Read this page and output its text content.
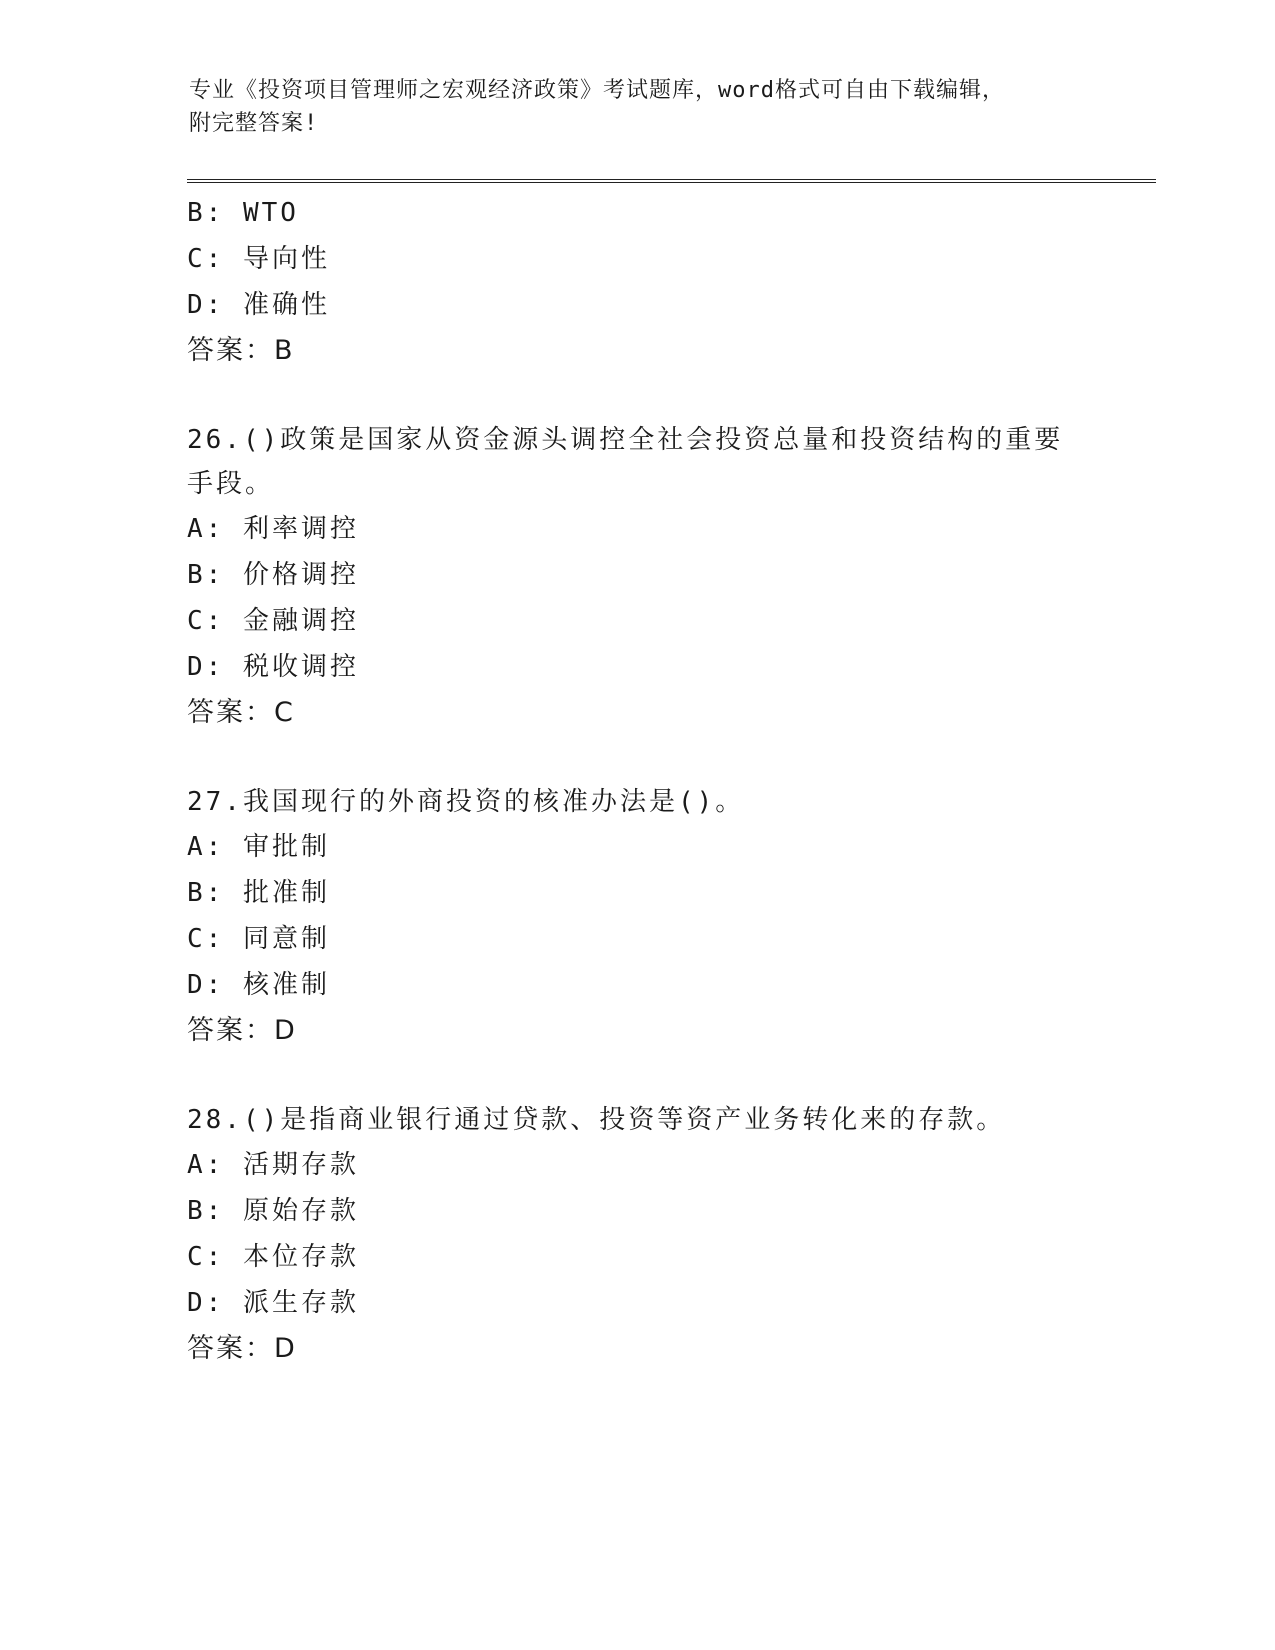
专业《投资项目管理师之宏观经济政策》考试题库，word格式可自由下载编辑，
附完整答案!
B: WTO
C: 导向性
D: 准确性
答案：B
26.()政策是国家从资金源头调控全社会投资总量和投资结构的重要手段。
A: 利率调控
B: 价格调控
C: 金融调控
D: 税收调控
答案：C
27.我国现行的外商投资的核准办法是()。
A: 审批制
B: 批准制
C: 同意制
D: 核准制
答案：D
28.()是指商业银行通过贷款、投资等资产业务转化来的存款。
A: 活期存款
B: 原始存款
C: 本位存款
D: 派生存款
答案：D
